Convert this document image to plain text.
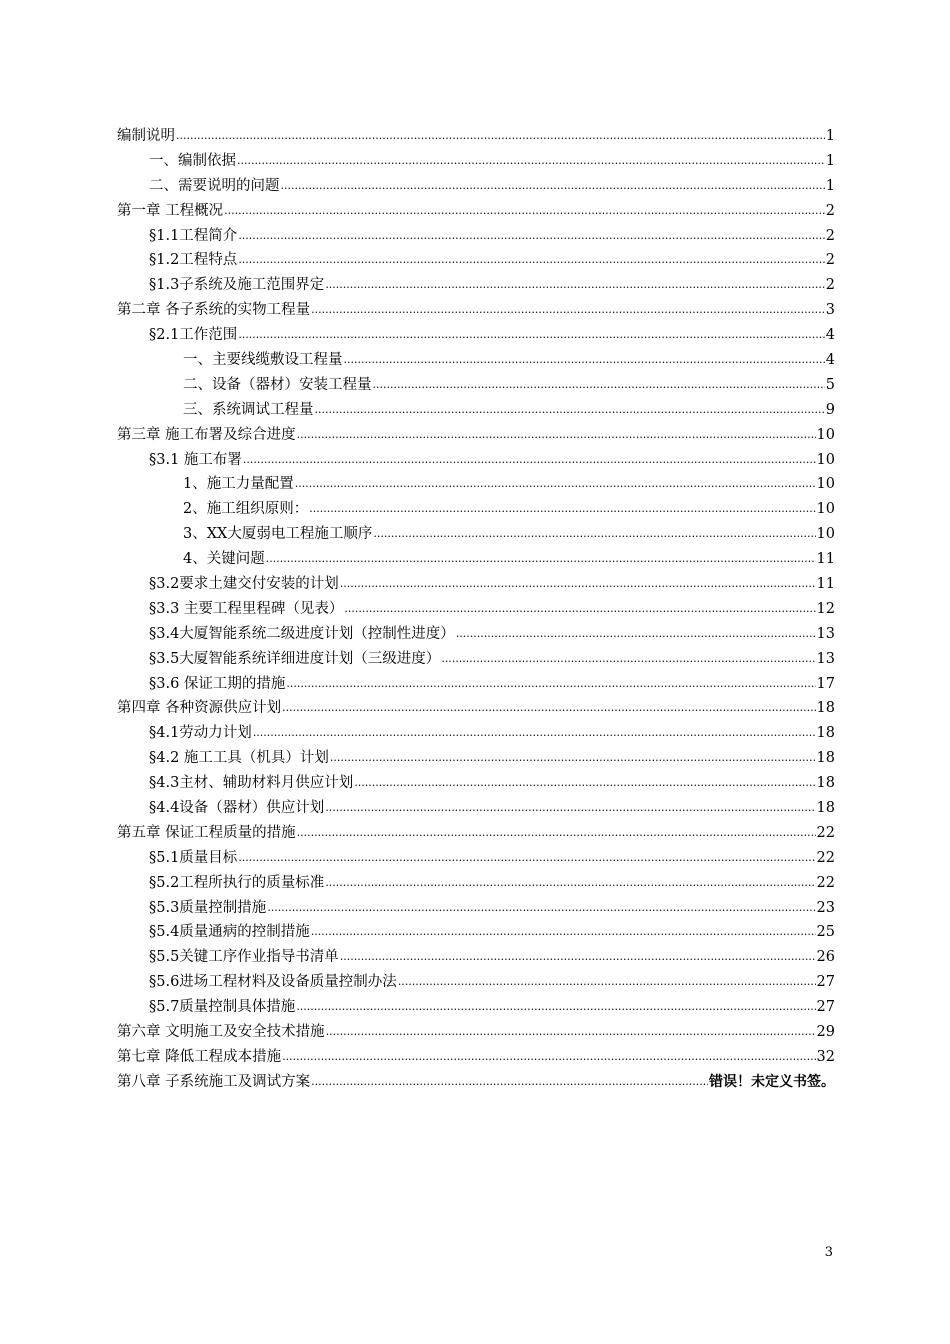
编制说明 .....	1
一、编制依据 .....	1
二、需要说明的问题 .....	1
第一章 工程概况 .....	2
§1.1工程简介 .....	2
§1.2工程特点 .....	2
§1.3子系统及施工范围界定 .....	2
第二章 各子系统的实物工程量 .....	3
§2.1工作范围 .....	4
一、主要线缆敷设工程量 .....	4
二、设备（器材）安装工程量 .....	5
三、系统调试工程量 .....	9
第三章 施工布署及综合进度 .....	10
§3.1 施工布署 .....	10
1、施工力量配置 .....	10
2、施工组织原则： .....	10
3、XX大厦弱电工程施工顺序 .....	10
4、关键问题 .....	11
§3.2要求土建交付安装的计划 .....	11
§3.3 主要工程里程碑（见表） .....	12
§3.4大厦智能系统二级进度计划（控制性进度） .....	13
§3.5大厦智能系统详细进度计划（三级进度） .....	13
§3.6 保证工期的措施 .....	17
第四章 各种资源供应计划 .....	18
§4.1劳动力计划 .....	18
§4.2 施工工具（机具）计划 .....	18
§4.3主材、辅助材料月供应计划 .....	18
§4.4设备（器材）供应计划 .....	18
第五章 保证工程质量的措施 .....	22
§5.1质量目标 .....	22
§5.2工程所执行的质量标准 .....	22
§5.3质量控制措施 .....	23
§5.4质量通病的控制措施 .....	25
§5.5关键工序作业指导书清单 .....	26
§5.6进场工程材料及设备质量控制办法 .....	27
§5.7质量控制具体措施 .....	27
第六章 文明施工及安全技术措施 .....	29
第七章 降低工程成本措施 .....	32
第八章 子系统施工及调试方案 .....	错误！未定义书签。
3
